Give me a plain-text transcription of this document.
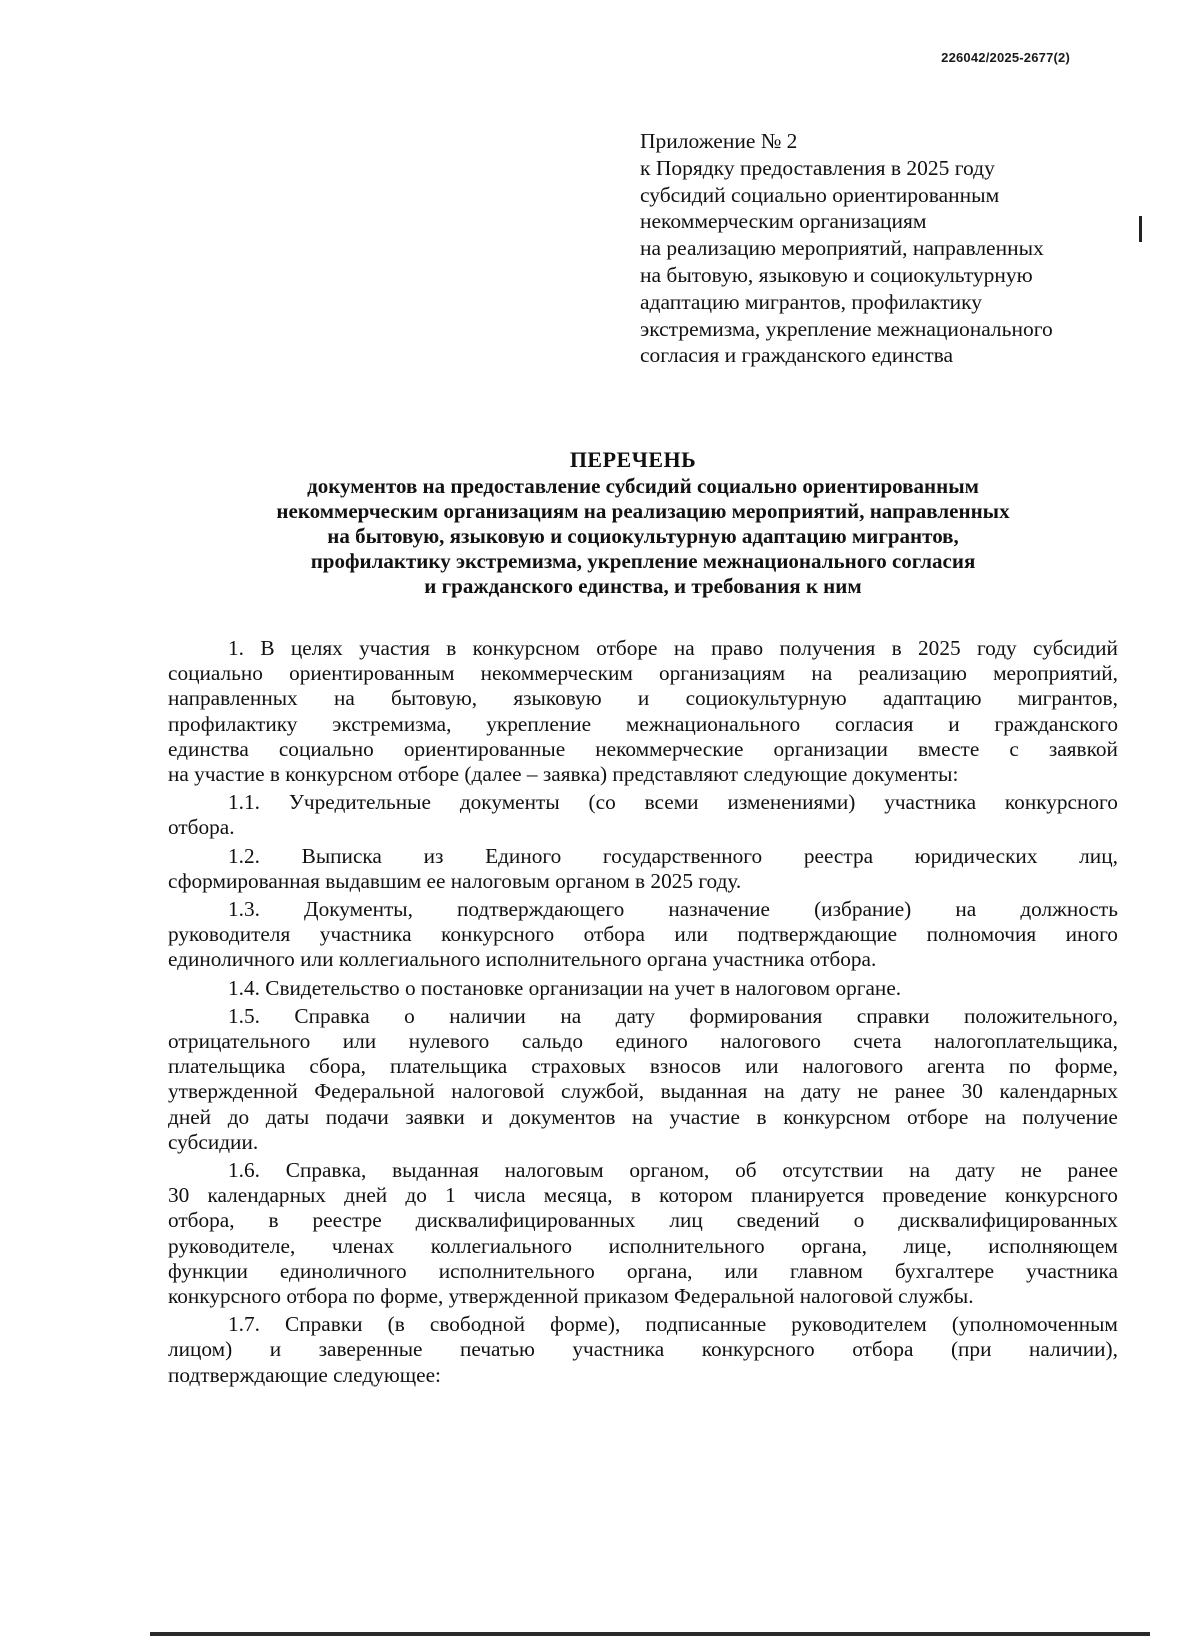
226042/2025-2677(2)
Приложение № 2
к Порядку предоставления в 2025 году
субсидий социально ориентированным
некоммерческим организациям
на реализацию мероприятий, направленных
на бытовую, языковую и социокультурную
адаптацию мигрантов, профилактику
экстремизма, укрепление межнационального
согласия и гражданского единства
ПЕРЕЧЕНЬ
документов на предоставление субсидий социально ориентированным
некоммерческим организациям на реализацию мероприятий, направленных
на бытовую, языковую и социокультурную адаптацию мигрантов,
профилактику экстремизма, укрепление межнационального согласия
и гражданского единства, и требования к ним
1. В целях участия в конкурсном отборе на право получения в 2025 году субсидий
социально ориентированным некоммерческим организациям на реализацию мероприятий,
направленных на бытовую, языковую и социокультурную адаптацию мигрантов,
профилактику экстремизма, укрепление межнационального согласия и гражданского
единства социально ориентированные некоммерческие организации вместе с заявкой
на участие в конкурсном отборе (далее – заявка) представляют следующие документы:
1.1. Учредительные документы (со всеми изменениями) участника конкурсного
отбора.
1.2. Выписка из Единого государственного реестра юридических лиц,
сформированная выдавшим ее налоговым органом в 2025 году.
1.3. Документы, подтверждающего назначение (избрание) на должность
руководителя участника конкурсного отбора или подтверждающие полномочия иного
единоличного или коллегиального исполнительного органа участника отбора.
1.4. Свидетельство о постановке организации на учет в налоговом органе.
1.5. Справка о наличии на дату формирования справки положительного,
отрицательного или нулевого сальдо единого налогового счета налогоплательщика,
плательщика сбора, плательщика страховых взносов или налогового агента по форме,
утвержденной Федеральной налоговой службой, выданная на дату не ранее 30 календарных
дней до даты подачи заявки и документов на участие в конкурсном отборе на получение
субсидии.
1.6. Справка, выданная налоговым органом, об отсутствии на дату не ранее
30 календарных дней до 1 числа месяца, в котором планируется проведение конкурсного
отбора, в реестре дисквалифицированных лиц сведений о дисквалифицированных
руководителе, членах коллегиального исполнительного органа, лице, исполняющем
функции единоличного исполнительного органа, или главном бухгалтере участника
конкурсного отбора по форме, утвержденной приказом Федеральной налоговой службы.
1.7. Справки (в свободной форме), подписанные руководителем (уполномоченным
лицом) и заверенные печатью участника конкурсного отбора (при наличии),
подтверждающие следующее:
